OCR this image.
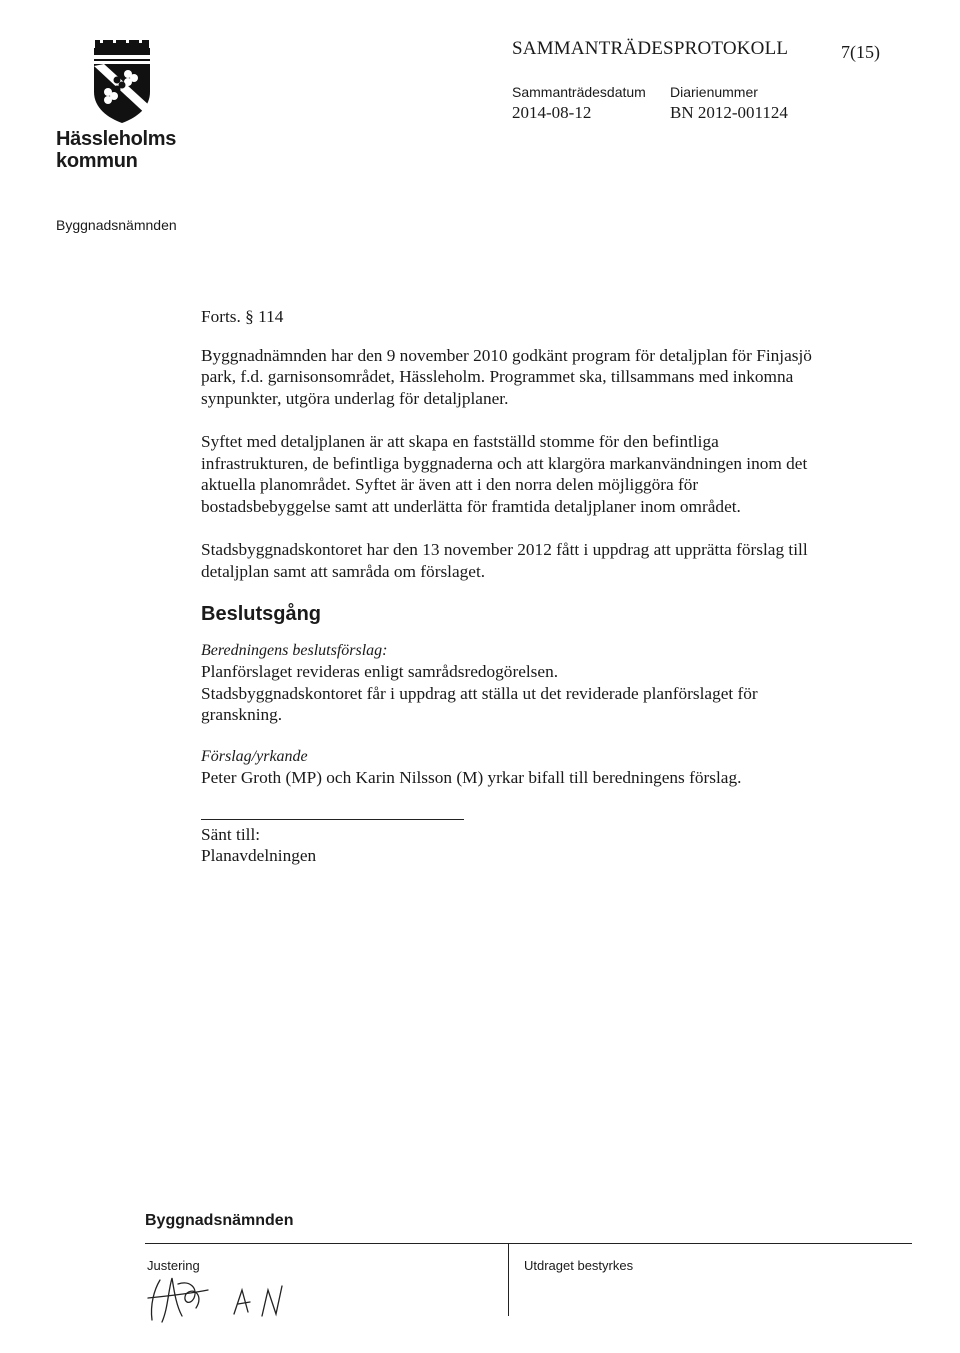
Hässleholms
kommun
SAMMANTRÄDESPROTOKOLL	7(15)
Sammanträdesdatum
2014-08-12
Diarienummer
BN 2012-001124
Byggnadsnämnden

Forts. § 114

Byggnadnämnden har den 9 november 2010 godkänt program för detaljplan för Finjasjö park, f.d. garnisonsområdet, Hässleholm. Programmet ska, tillsammans med inkomna synpunkter, utgöra underlag för detaljplaner.

Syftet med detaljplanen är att skapa en fastställd stomme för den befintliga infrastrukturen, de befintliga byggnaderna och att klargöra markanvändningen inom det aktuella planområdet. Syftet är även att i den norra delen möjliggöra för bostadsbebyggelse samt att underlätta för framtida detaljplaner inom området.

Stadsbyggnadskontoret har den 13 november 2012 fått i uppdrag att upprätta förslag till detaljplan samt att samråda om förslaget.

Beslutsgång

Beredningens beslutsförslag:

Planförslaget revideras enligt samrådsredogörelsen.

Stadsbyggnadskontoret får i uppdrag att ställa ut det reviderade planförslaget för granskning.

Förslag/yrkande

Peter Groth (MP) och Karin Nilsson (M) yrkar bifall till beredningens förslag.

Sänt till:

Planavdelningen

Byggnadsnämnden
Justering	Utdraget bestyrkes
